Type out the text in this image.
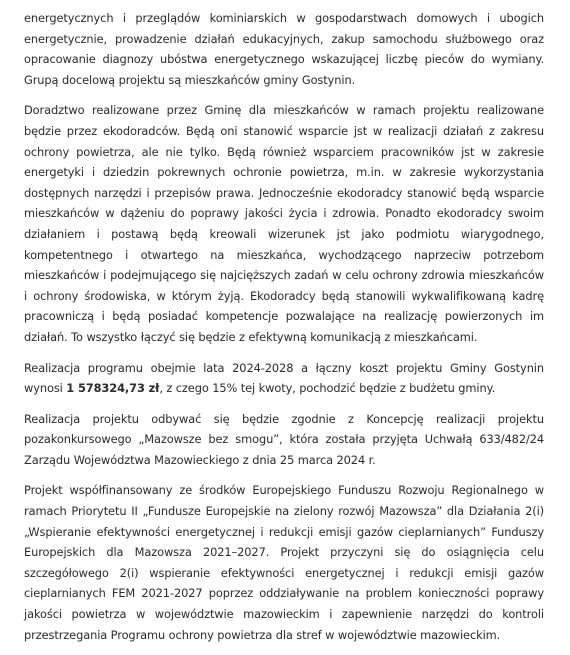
energetycznych i przeglądów kominiarskich w gospodarstwach domowych i ubogich energetycznie, prowadzenie działań edukacyjnych, zakup samochodu służbowego oraz opracowanie diagnozy ubóstwa energetycznego wskazującej liczbę pieców do wymiany. Grupą docelową projektu są mieszkańców gminy Gostynin.

Doradztwo realizowane przez Gminę dla mieszkańców w ramach projektu realizowane będzie przez ekodoradców. Będą oni stanowić wsparcie jst w realizacji działań z zakresu ochrony powietrza, ale nie tylko. Będą również wsparciem pracowników jst w zakresie energetyki i dziedzin pokrewnych ochronie powietrza, m.in. w zakresie wykorzystania dostępnych narzędzi i przepisów prawa. Jednocześnie ekodoradcy stanowić będą wsparcie mieszkańców w dążeniu do poprawy jakości życia i zdrowia. Ponadto ekodoradcy swoim działaniem i postawą będą kreowali wizerunek jst jako podmiotu wiarygodnego, kompetentnego i otwartego na mieszkańca, wychodzącego naprzeciw potrzebom mieszkańców i podejmującego się najcięższych zadań w celu ochrony zdrowia mieszkańców i ochrony środowiska, w którym żyją. Ekodoradcy będą stanowili wykwalifikowaną kadrę pracowniczą i będą posiadać kompetencje pozwalające na realizację powierzonych im działań. To wszystko łączyć się będzie z efektywną komunikacją z mieszkańcami.

Realizacja programu obejmie lata 2024-2028 a łączny koszt projektu Gminy Gostynin wynosi 1 578324,73 zł, z czego 15% tej kwoty, pochodzić będzie z budżetu gminy.

Realizacja projektu odbywać się będzie zgodnie z Koncepcję realizacji projektu pozakonkursowego „Mazowsze bez smogu”, która została przyjęta Uchwałą 633/482/24 Zarządu Województwa Mazowieckiego z dnia 25 marca 2024 r.

Projekt współfinansowany ze środków Europejskiego Funduszu Rozwoju Regionalnego w ramach Priorytetu II „Fundusze Europejskie na zielony rozwój Mazowsza” dla Działania 2(i) „Wspieranie efektywności energetycznej i redukcji emisji gazów cieplarnianych” Funduszy Europejskich dla Mazowsza 2021–2027. Projekt przyczyni się do osiągnięcia celu szczegółowego 2(i) wspieranie efektywności energetycznej i redukcji emisji gazów cieplarnianych FEM 2021-2027 poprzez oddziaływanie na problem konieczności poprawy jakości powietrza w województwie mazowieckim i zapewnienie narzędzi do kontroli przestrzegania Programu ochrony powietrza dla stref w województwie mazowieckim.
